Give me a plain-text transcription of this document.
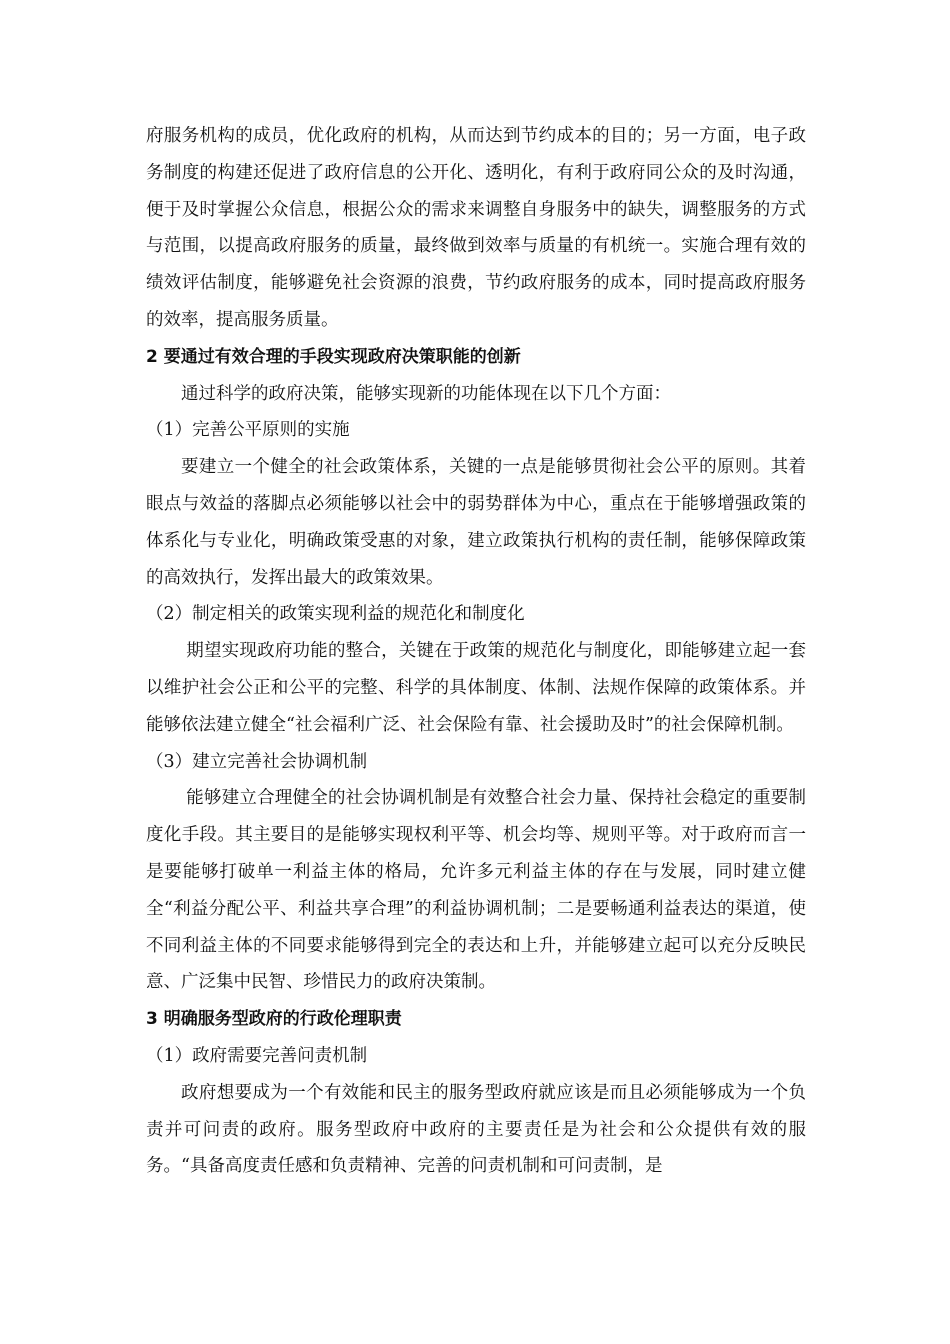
府服务机构的成员，优化政府的机构，从而达到节约成本的目的；另一方面，电子政务制度的构建还促进了政府信息的公开化、透明化，有利于政府同公众的及时沟通，便于及时掌握公众信息，根据公众的需求来调整自身服务中的缺失，调整服务的方式与范围，以提高政府服务的质量，最终做到效率与质量的有机统一。实施合理有效的绩效评估制度，能够避免社会资源的浪费，节约政府服务的成本，同时提高政府服务的效率，提高服务质量。

2 要通过有效合理的手段实现政府决策职能的创新

通过科学的政府决策，能够实现新的功能体现在以下几个方面：

（1）完善公平原则的实施

要建立一个健全的社会政策体系，关键的一点是能够贯彻社会公平的原则。其着眼点与效益的落脚点必须能够以社会中的弱势群体为中心，重点在于能够增强政策的体系化与专业化，明确政策受惠的对象，建立政策执行机构的责任制，能够保障政策的高效执行，发挥出最大的政策效果。

（2）制定相关的政策实现利益的规范化和制度化

期望实现政府功能的整合，关键在于政策的规范化与制度化，即能够建立起一套以维护社会公正和公平的完整、科学的具体制度、体制、法规作保障的政策体系。并能够依法建立健全“社会福利广泛、社会保险有靠、社会援助及时”的社会保障机制。

（3）建立完善社会协调机制

能够建立合理健全的社会协调机制是有效整合社会力量、保持社会稳定的重要制度化手段。其主要目的是能够实现权利平等、机会均等、规则平等。对于政府而言一是要能够打破单一利益主体的格局，允许多元利益主体的存在与发展，同时建立健全“利益分配公平、利益共享合理”的利益协调机制；二是要畅通利益表达的渠道，使不同利益主体的不同要求能够得到完全的表达和上升，并能够建立起可以充分反映民意、广泛集中民智、珍惜民力的政府决策制。

3 明确服务型政府的行政伦理职责
（1）政府需要完善问责机制

政府想要成为一个有效能和民主的服务型政府就应该是而且必须能够成为一个负责并可问责的政府。服务型政府中政府的主要责任是为社会和公众提供有效的服务。“具备高度责任感和负责精神、完善的问责机制和可问责制，是
